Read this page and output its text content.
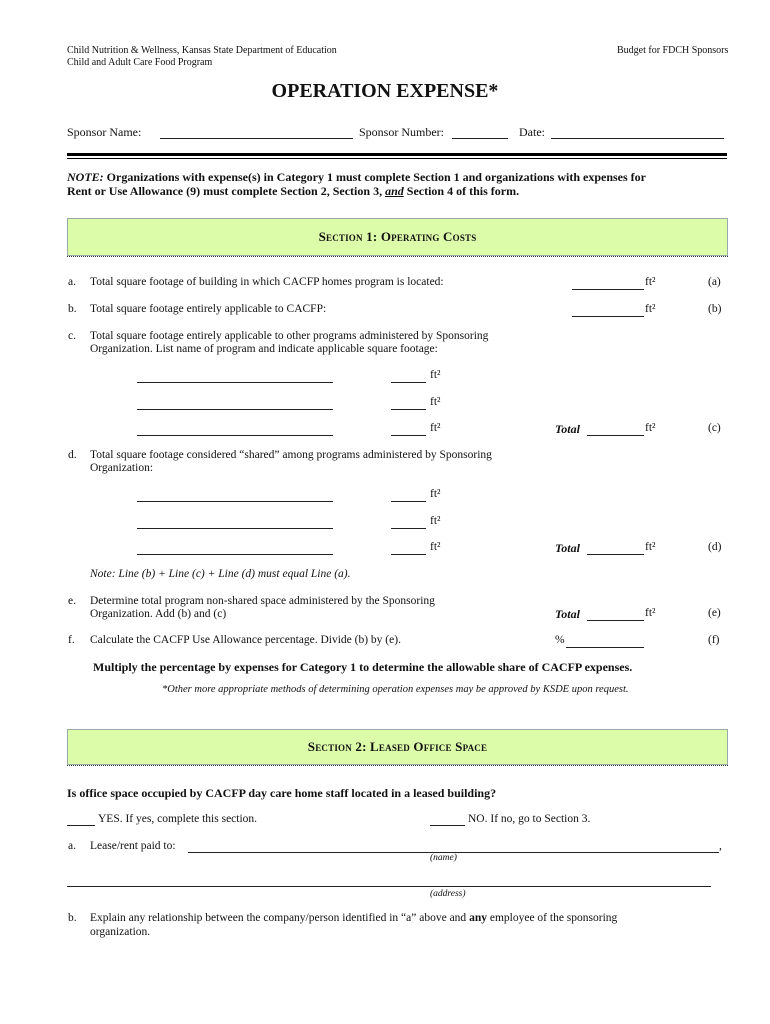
Child Nutrition & Wellness, Kansas State Department of Education
Child and Adult Care Food Program
Budget for FDCH Sponsors
OPERATION EXPENSE*
Sponsor Name:	Sponsor Number:	Date:
NOTE: Organizations with expense(s) in Category 1 must complete Section 1 and organizations with expenses for
Rent or Use Allowance (9) must complete Section 2, Section 3, and Section 4 of this form.
Section 1: Operating Costs
a. Total square footage of building in which CACFP homes program is located:	ft²	(a)
b. Total square footage entirely applicable to CACFP:	ft²	(b)
c. Total square footage entirely applicable to other programs administered by Sponsoring
Organization. List name of program and indicate applicable square footage:
ft²
ft²
ft²	Total	ft²	(c)
d. Total square footage considered “shared” among programs administered by Sponsoring
Organization:
ft²
ft²
ft²	Total	ft²	(d)
Note: Line (b) + Line (c) + Line (d) must equal Line (a).
e. Determine total program non-shared space administered by the Sponsoring
Organization. Add (b) and (c)	Total	ft²	(e)
f. Calculate the CACFP Use Allowance percentage. Divide (b) by (e).	%	(f)
Multiply the percentage by expenses for Category 1 to determine the allowable share of CACFP expenses.
*Other more appropriate methods of determining operation expenses may be approved by KSDE upon request.
Section 2: Leased Office Space
Is office space occupied by CACFP day care home staff located in a leased building?
YES. If yes, complete this section.	NO. If no, go to Section 3.
a. Lease/rent paid to:	,
(name)
(address)
b. Explain any relationship between the company/person identified in “a” above and any employee of the sponsoring
organization.
